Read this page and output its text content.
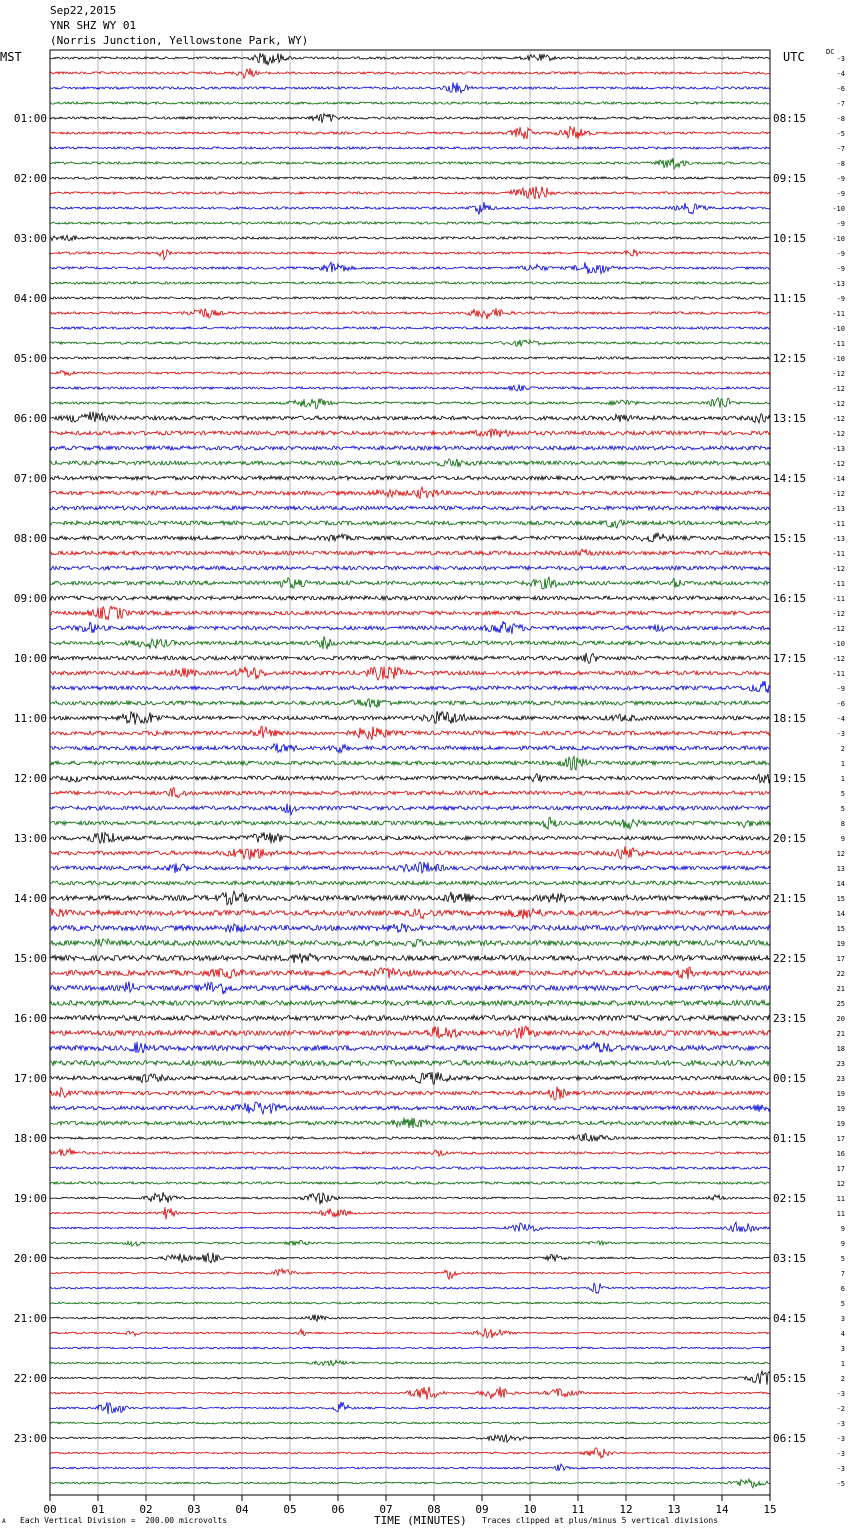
Sep22,2015
YNR SHZ WY 01
(Norris Junction, Yellowstone Park, WY)
MST	UTC	DC
00	01	02	03	04	05	06	07	08	09	10	11	12	13	14	15
-3
-4
-6
-7
-8
01:00	08:15
-5
-7
-8
-9
02:00	09:15
-9
-10
-9
-10
03:00	10:15
-9
-9
-13
-9
04:00	11:15
-11
-10
-11
-10
05:00	12:15
-12
-12
-12
-12
06:00	13:15
-12
-13
-12
-14
07:00	14:15
-12
-13
-11
-13
08:00	15:15
-11
-12
-11
-11
09:00	16:15
-12
-12
-10
-12
10:00	17:15
-11
-9
-6
-4
11:00	18:15
-3
2
1
1
12:00	19:15
5
5
8
9
13:00	20:15
12
13
14
15
14:00	21:15
14
15
19
17
15:00	22:15
22
21
25
20
16:00	23:15
21
18
23
23
17:00	00:15
19
19
19
17
18:00	01:15
16
17
12
11
19:00	02:15
11
9
9
5
20:00	03:15
7
6
5
3
21:00	04:15
4
3
1
2
22:00	05:15
-3
-2
-3
-3
23:00	06:15
-3
-3
-5
Each Vertical Division =  200.00 microvolts	TIME (MINUTES) Traces clipped at plus/minus 5 vertical divisions
A
